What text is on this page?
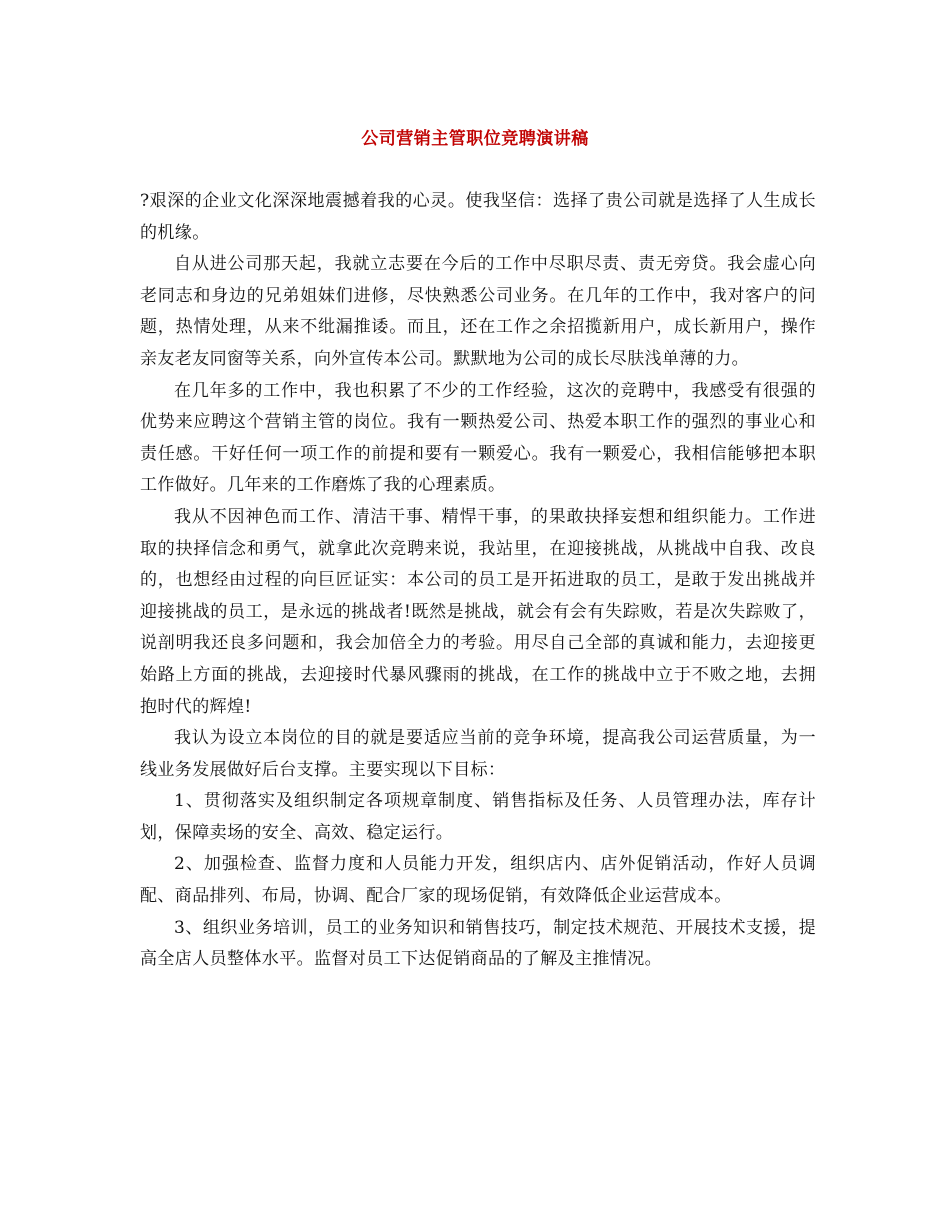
公司营销主管职位竞聘演讲稿

?艰深的企业文化深深地震撼着我的心灵。使我坚信：选择了贵公司就是选择了人生成长的机缘。

自从进公司那天起，我就立志要在今后的工作中尽职尽责、责无旁贷。我会虚心向老同志和身边的兄弟姐妹们进修，尽快熟悉公司业务。在几年的工作中，我对客户的问题，热情处理，从来不纰漏推诿。而且，还在工作之余招揽新用户，成长新用户，操作亲友老友同窗等关系，向外宣传本公司。默默地为公司的成长尽肤浅单薄的力。

在几年多的工作中，我也积累了不少的工作经验，这次的竞聘中，我感受有很强的优势来应聘这个营销主管的岗位。我有一颗热爱公司、热爱本职工作的强烈的事业心和责任感。干好任何一项工作的前提和要有一颗爱心。我有一颗爱心，我相信能够把本职工作做好。几年来的工作磨炼了我的心理素质。

我从不因神色而工作、清洁干事、精悍干事，的果敢抉择妄想和组织能力。工作进取的抉择信念和勇气，就拿此次竞聘来说，我站里，在迎接挑战，从挑战中自我、改良的，也想经由过程的向巨匠证实：本公司的员工是开拓进取的员工，是敢于发出挑战并迎接挑战的员工，是永远的挑战者!既然是挑战，就会有会有失踪败，若是次失踪败了，说剖明我还良多问题和，我会加倍全力的考验。用尽自己全部的真诚和能力，去迎接更始路上方面的挑战，去迎接时代暴风骤雨的挑战，在工作的挑战中立于不败之地，去拥抱时代的辉煌!

我认为设立本岗位的目的就是要适应当前的竞争环境，提高我公司运营质量，为一线业务发展做好后台支撑。主要实现以下目标：

1、贯彻落实及组织制定各项规章制度、销售指标及任务、人员管理办法，库存计划，保障卖场的安全、高效、稳定运行。

2、加强检查、监督力度和人员能力开发，组织店内、店外促销活动，作好人员调配、商品排列、布局，协调、配合厂家的现场促销，有效降低企业运营成本。

3、组织业务培训，员工的业务知识和销售技巧，制定技术规范、开展技术支援，提高全店人员整体水平。监督对员工下达促销商品的了解及主推情况。
